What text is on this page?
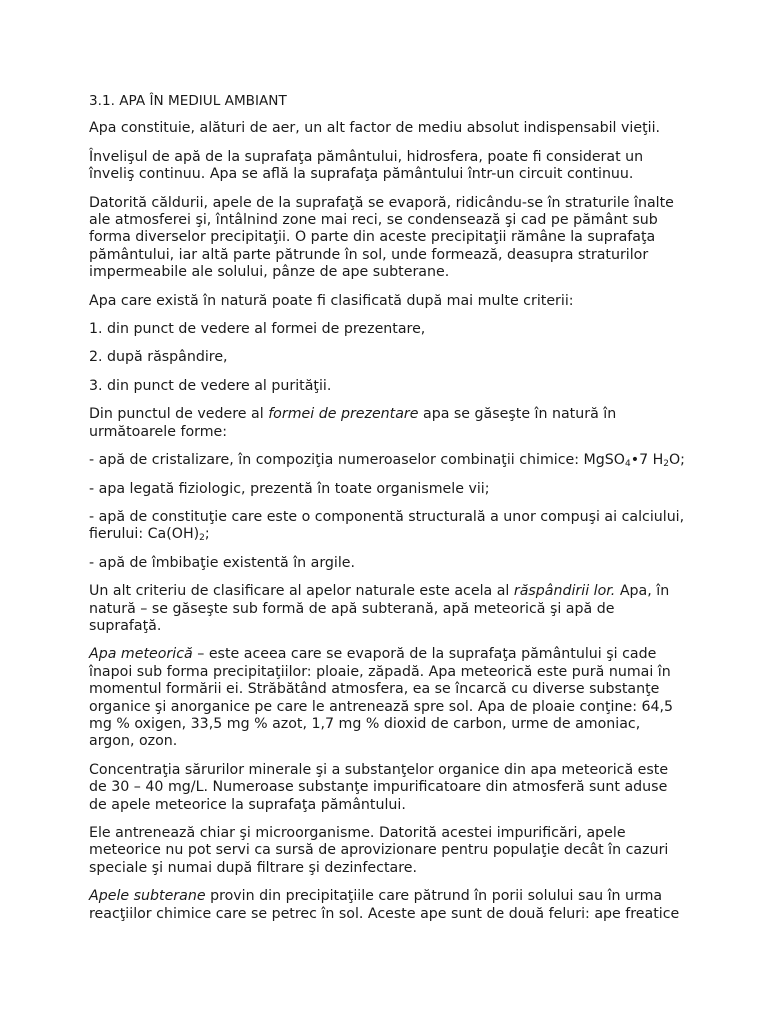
3.1. APA ÎN MEDIUL AMBIANT

Apa constituie, alături de aer, un alt factor de mediu absolut indispensabil vieţii.

Învelişul de apă de la suprafaţa pământului, hidrosfera, poate fi considerat un înveliş continuu. Apa se află la suprafaţa pământului într-un circuit continuu.

Datorită căldurii, apele de la suprafaţă se evaporă, ridicându-se în straturile înalte ale atmosferei şi, întâlnind zone mai reci, se condensează şi cad pe pământ sub forma diverselor precipitaţii. O parte din aceste precipitaţii rămâne la suprafaţa pământului, iar altă parte pătrunde în sol, unde formează, deasupra straturilor impermeabile ale solului, pânze de ape subterane.

Apa care există în natură poate fi clasificată după mai multe criterii:

1. din punct de vedere al formei de prezentare,

2. după răspândire,

3. din punct de vedere al purităţii.

Din punctul de vedere al formei de prezentare apa se găseşte în natură în următoarele forme:

- apă de cristalizare, în compoziţia numeroaselor combinaţii chimice: MgSO$_4$•7 $H_2O$;

- apa legată fiziologic, prezentă în toate organismele vii;

- apă de constituţie care este o componentă structurală a unor compuşi ai calciului, fierului: $Ca(OH)_2$;

- apă de îmbibaţie existentă în argile.

Un alt criteriu de clasificare al apelor naturale este acela al răspândirii lor. Apa, în natură – se găseşte sub formă de apă subterană, apă meteorică şi apă de suprafaţă.

Apa meteorică – este aceea care se evaporă de la suprafaţa pământului şi cade înapoi sub forma precipitaţiilor: ploaie, zăpadă. Apa meteorică este pură numai în momentul formării ei. Străbătând atmosfera, ea se încarcă cu diverse substanţe organice şi anorganice pe care le antrenează spre sol. Apa de ploaie conţine: 64,5 mg % oxigen, 33,5 mg % azot, 1,7 mg % dioxid de carbon, urme de amoniac, argon, ozon.

Concentraţia sărurilor minerale şi a substanţelor organice din apa meteorică este de 30 – 40 mg/L. Numeroase substanţe impurificatoare din atmosferă sunt aduse de apele meteorice la suprafaţa pământului.

Ele antrenează chiar şi microorganisme. Datorită acestei impurificări, apele meteorice nu pot servi ca sursă de aprovizionare pentru populaţie decât în cazuri speciale şi numai după filtrare şi dezinfectare.

Apele subterane provin din precipitaţiile care pătrund în porii solului sau în urma reacţiilor chimice care se petrec în sol. Aceste ape sunt de două feluri: ape freatice
